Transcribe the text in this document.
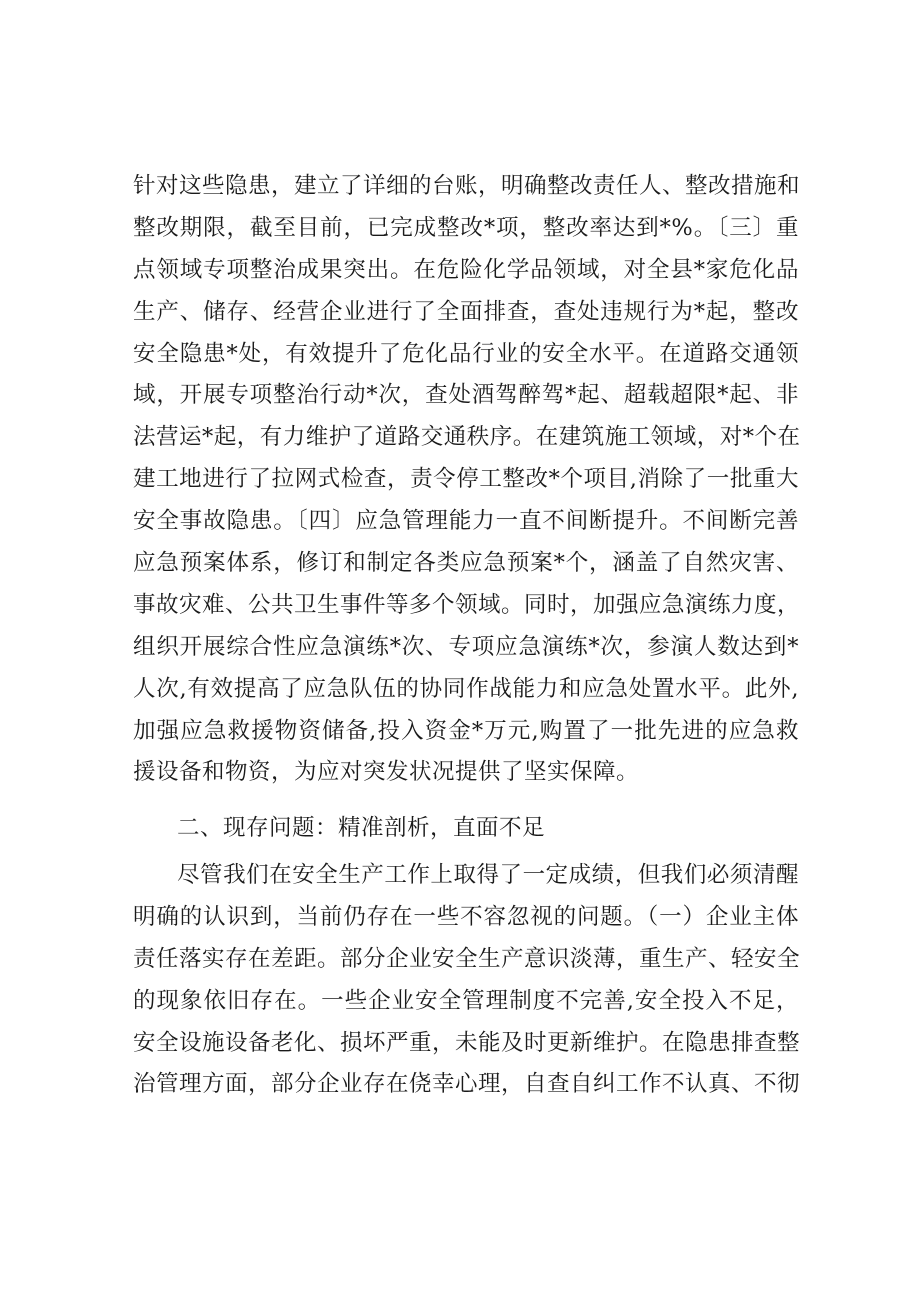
针对这些隐患，建立了详细的台账，明确整改责任人、整改措施和
整改期限，截至目前，已完成整改*项，整改率达到*%。〔三〕重
点领域专项整治成果突出。在危险化学品领域，对全县*家危化品
生产、储存、经营企业进行了全面排查，查处违规行为*起，整改
安全隐患*处，有效提升了危化品行业的安全水平。在道路交通领
域，开展专项整治行动*次，查处酒驾醉驾*起、超载超限*起、非
法营运*起，有力维护了道路交通秩序。在建筑施工领域，对*个在
建工地进行了拉网式检查，责令停工整改*个项目,消除了一批重大
安全事故隐患。〔四〕应急管理能力一直不间断提升。不间断完善
应急预案体系，修订和制定各类应急预案*个，涵盖了自然灾害、
事故灾难、公共卫生事件等多个领域。同时，加强应急演练力度，
组织开展综合性应急演练*次、专项应急演练*次，参演人数达到*
人次,有效提高了应急队伍的协同作战能力和应急处置水平。此外,
加强应急救援物资储备,投入资金*万元,购置了一批先进的应急救
援设备和物资，为应对突发状况提供了坚实保障。
二、现存问题：精准剖析，直面不足
尽管我们在安全生产工作上取得了一定成绩，但我们必须清醒
明确的认识到，当前仍存在一些不容忽视的问题。（一）企业主体
责任落实存在差距。部分企业安全生产意识淡薄，重生产、轻安全
的现象依旧存在。一些企业安全管理制度不完善,安全投入不足，
安全设施设备老化、损坏严重，未能及时更新维护。在隐患排查整
治管理方面，部分企业存在侥幸心理，自查自纠工作不认真、不彻
